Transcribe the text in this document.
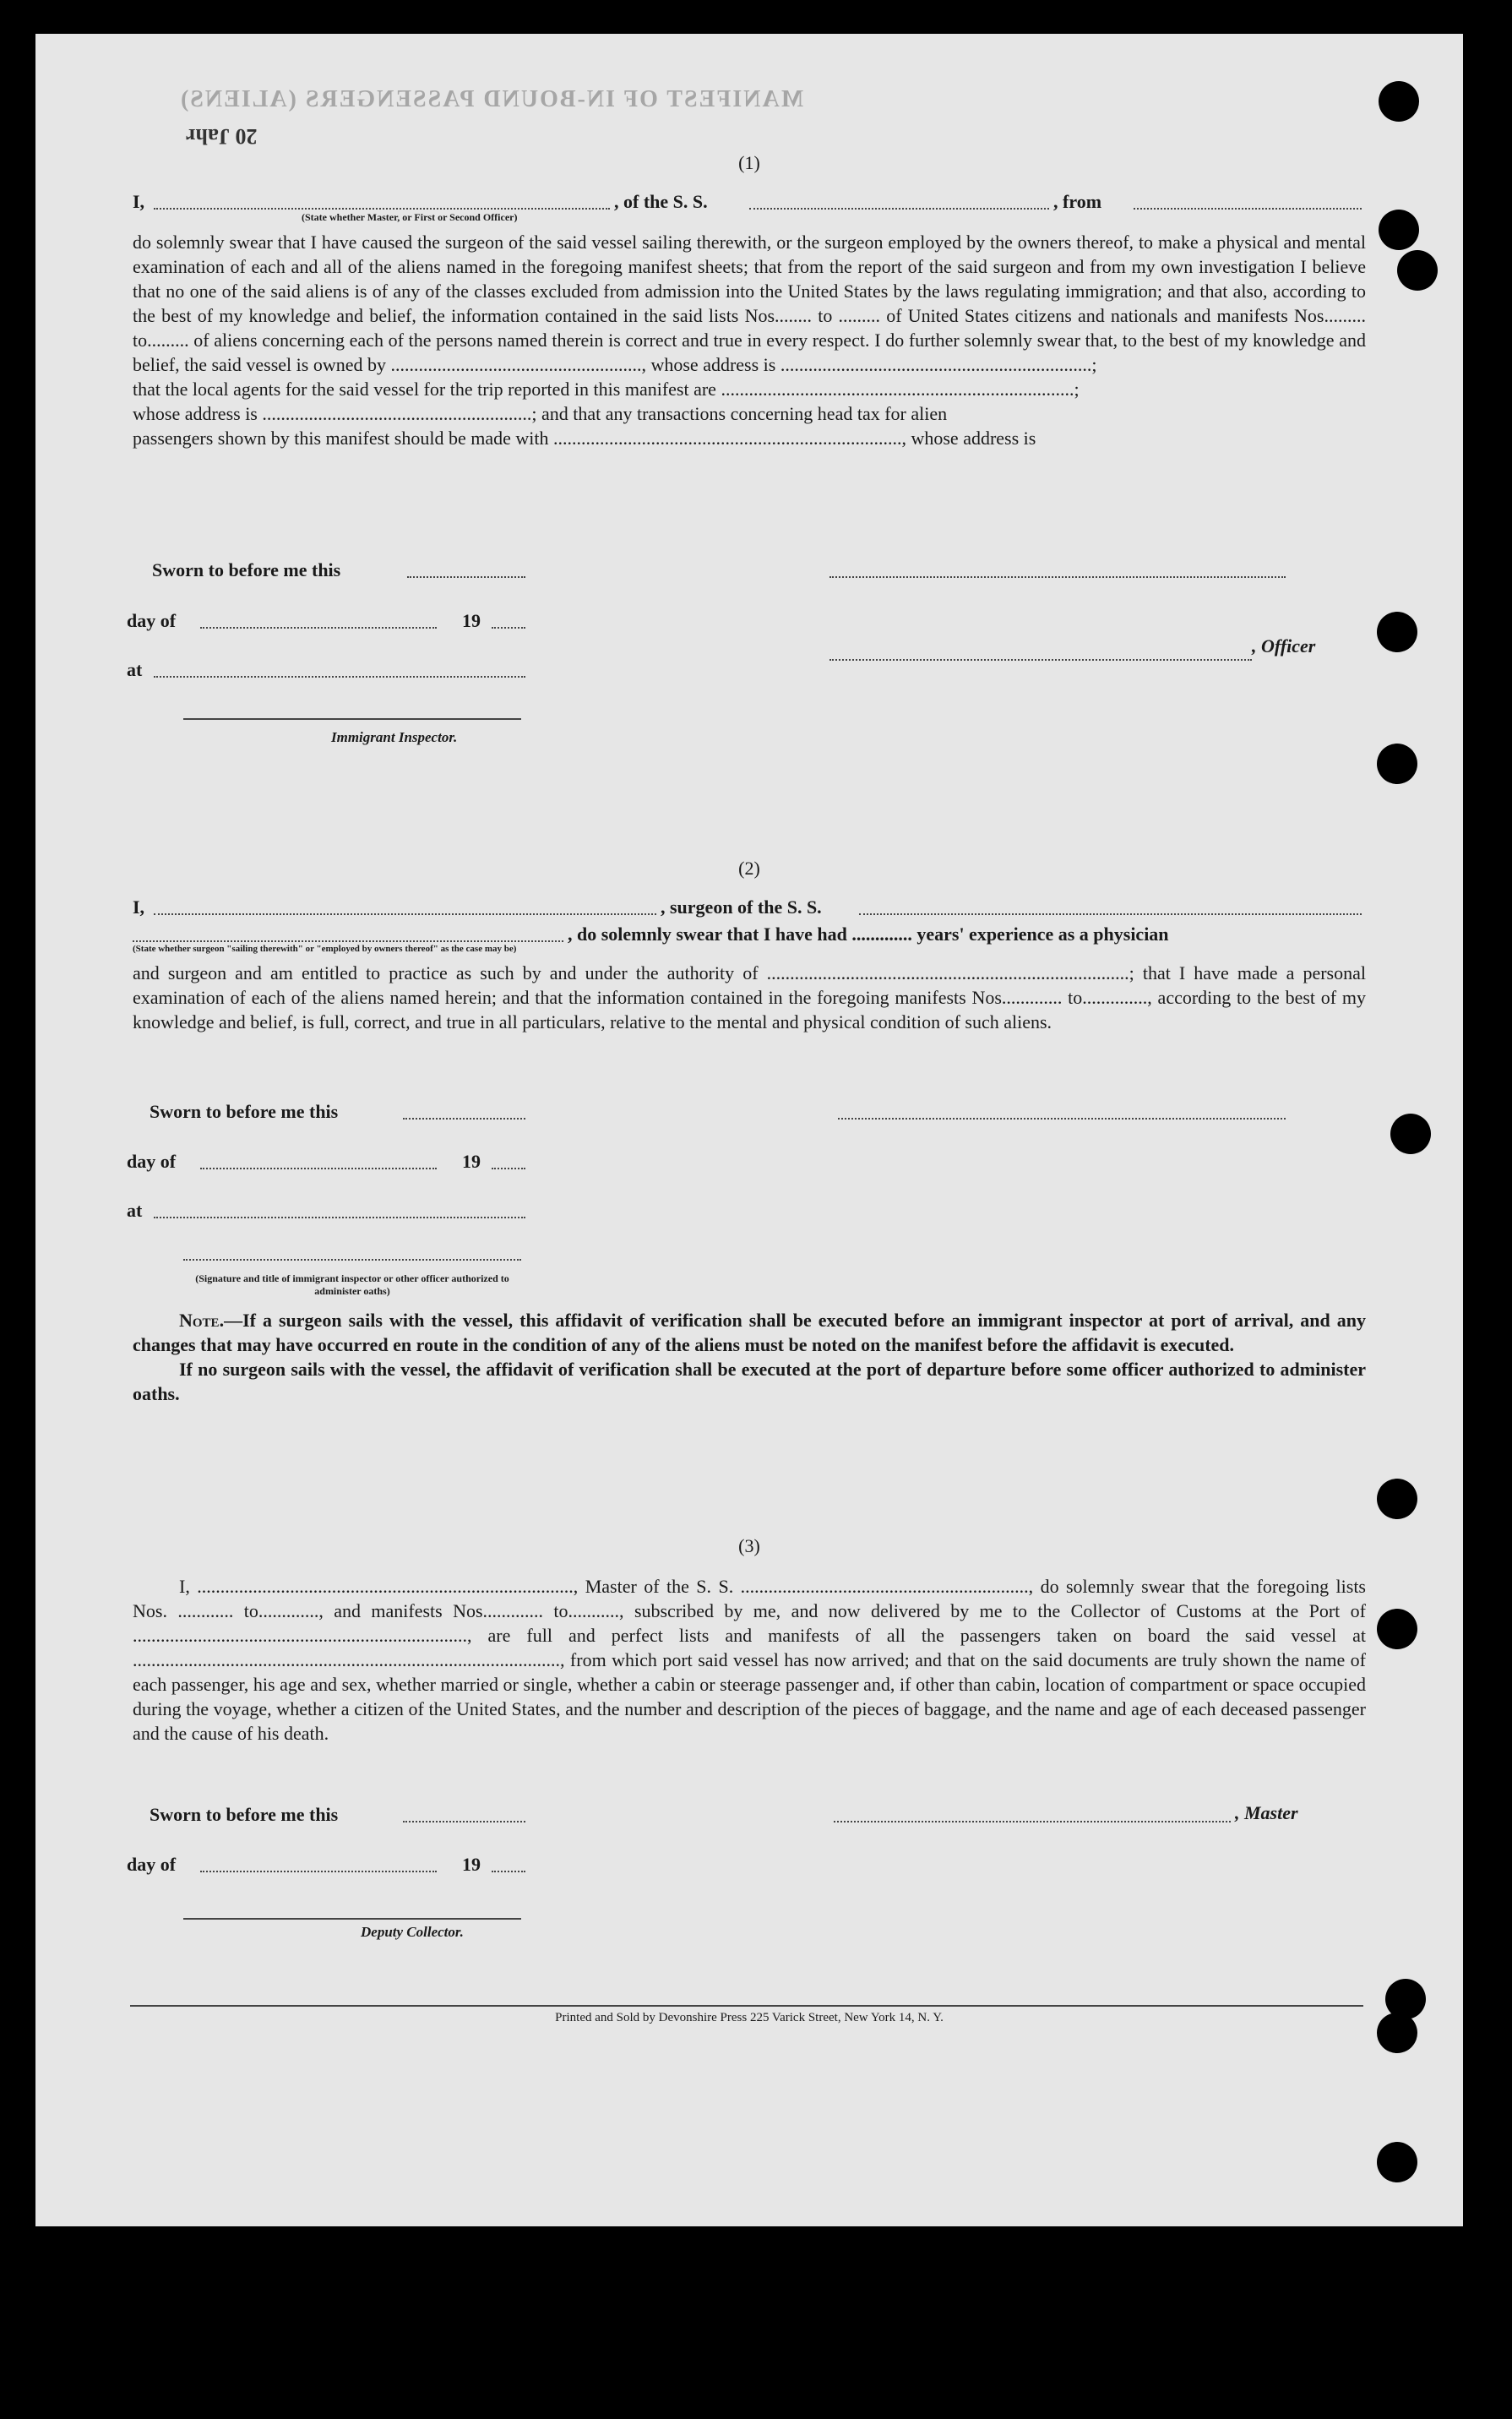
MANIFEST OF IN-BOUND PASSENGERS (ALIENS)
20 Jahr
(1)
I,	, of the S. S.	, from
(State whether Master, or First or Second Officer)

do solemnly swear that I have caused the surgeon of the said vessel sailing therewith, or the surgeon employed by the owners thereof, to make a physical and mental examination of each and all of the aliens named in the foregoing manifest sheets; that from the report of the said surgeon and from my own investigation I believe that no one of the said aliens is of any of the classes excluded from admission into the United States by the laws regulating immigration; and that also, according to the best of my knowledge and belief, the information contained in the said lists Nos........ to ......... of United States citizens and nationals and manifests Nos......... to......... of aliens concerning each of the persons named therein is correct and true in every respect. I do further solemnly swear that, to the best of my knowledge and belief, the said vessel is owned by ......................................................, whose address is ...................................................................;

that the local agents for the said vessel for the trip reported in this manifest are ............................................................................;

whose address is ..........................................................; and that any transactions concerning head tax for alien

passengers shown by this manifest should be made with ..........................................................................., whose address is

Sworn to before me this
day of	19
at
, Officer
Immigrant Inspector.
(2)
I,	, surgeon of the S. S.
, do solemnly swear that I have had ............. years' experience as a physician
(State whether surgeon "sailing therewith" or "employed by owners thereof" as the case may be)

and surgeon and am entitled to practice as such by and under the authority of ..............................................................................; that I have made a personal examination of each of the aliens named herein; and that the information contained in the foregoing manifests Nos............. to.............., according to the best of my knowledge and belief, is full, correct, and true in all particulars, relative to the mental and physical condition of such aliens.

Sworn to before me this
day of	19
at
(Signature and title of immigrant inspector or other officer authorized to administer oaths)

Note.—If a surgeon sails with the vessel, this affidavit of verification shall be executed before an immigrant inspector at port of arrival, and any changes that may have occurred en route in the condition of any of the aliens must be noted on the manifest before the affidavit is executed.

If no surgeon sails with the vessel, the affidavit of verification shall be executed at the port of departure before some officer authorized to administer oaths.

(3)

I, ................................................................................., Master of the S. S. .............................................................., do solemnly swear that the foregoing lists Nos. ............ to............., and manifests Nos............. to..........., subscribed by me, and now delivered by me to the Collector of Customs at the Port of ........................................................................, are full and perfect lists and manifests of all the passengers taken on board the said vessel at ............................................................................................, from which port said vessel has now arrived; and that on the said documents are truly shown the name of each passenger, his age and sex, whether married or single, whether a cabin or steerage passenger and, if other than cabin, location of compartment or space occupied during the voyage, whether a citizen of the United States, and the number and description of the pieces of baggage, and the name and age of each deceased passenger and the cause of his death.

Sworn to before me this	, Master
day of	19
Deputy Collector.
Printed and Sold by Devonshire Press 225 Varick Street, New York 14, N. Y.
